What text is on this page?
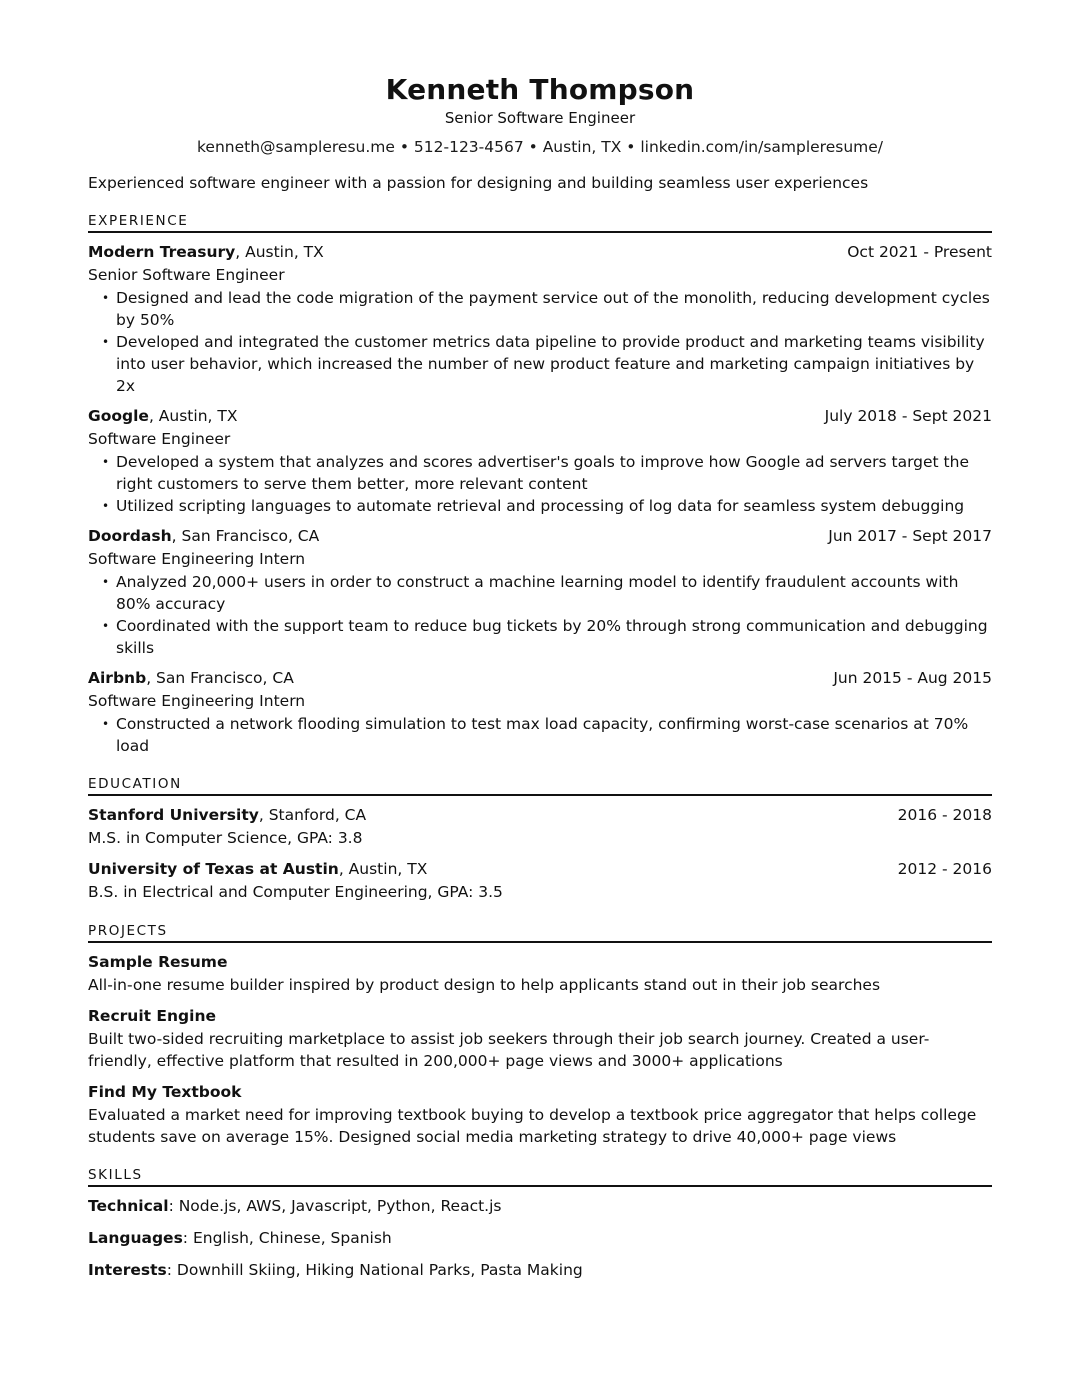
Kenneth Thompson
Senior Software Engineer
kenneth@sampleresu.me • 512-123-4567 • Austin, TX • linkedin.com/in/sampleresume/
Experienced software engineer with a passion for designing and building seamless user experiences
EXPERIENCE
Modern Treasury, Austin, TX	Oct 2021 - Present
Senior Software Engineer
• Designed and lead the code migration of the payment service out of the monolith, reducing development cycles by 50%
• Developed and integrated the customer metrics data pipeline to provide product and marketing teams visibility into user behavior, which increased the number of new product feature and marketing campaign initiatives by 2x
Google, Austin, TX	July 2018 - Sept 2021
Software Engineer
• Developed a system that analyzes and scores advertiser's goals to improve how Google ad servers target the right customers to serve them better, more relevant content
• Utilized scripting languages to automate retrieval and processing of log data for seamless system debugging
Doordash, San Francisco, CA	Jun 2017 - Sept 2017
Software Engineering Intern
• Analyzed 20,000+ users in order to construct a machine learning model to identify fraudulent accounts with 80% accuracy
• Coordinated with the support team to reduce bug tickets by 20% through strong communication and debugging skills
Airbnb, San Francisco, CA	Jun 2015 - Aug 2015
Software Engineering Intern
• Constructed a network flooding simulation to test max load capacity, confirming worst-case scenarios at 70% load
EDUCATION
Stanford University, Stanford, CA	2016 - 2018
M.S. in Computer Science, GPA: 3.8
University of Texas at Austin, Austin, TX	2012 - 2016
B.S. in Electrical and Computer Engineering, GPA: 3.5
PROJECTS
Sample Resume
All-in-one resume builder inspired by product design to help applicants stand out in their job searches
Recruit Engine
Built two-sided recruiting marketplace to assist job seekers through their job search journey. Created a user-friendly, effective platform that resulted in 200,000+ page views and 3000+ applications
Find My Textbook
Evaluated a market need for improving textbook buying to develop a textbook price aggregator that helps college students save on average 15%. Designed social media marketing strategy to drive 40,000+ page views
SKILLS
Technical: Node.js, AWS, Javascript, Python, React.js
Languages: English, Chinese, Spanish
Interests: Downhill Skiing, Hiking National Parks, Pasta Making
